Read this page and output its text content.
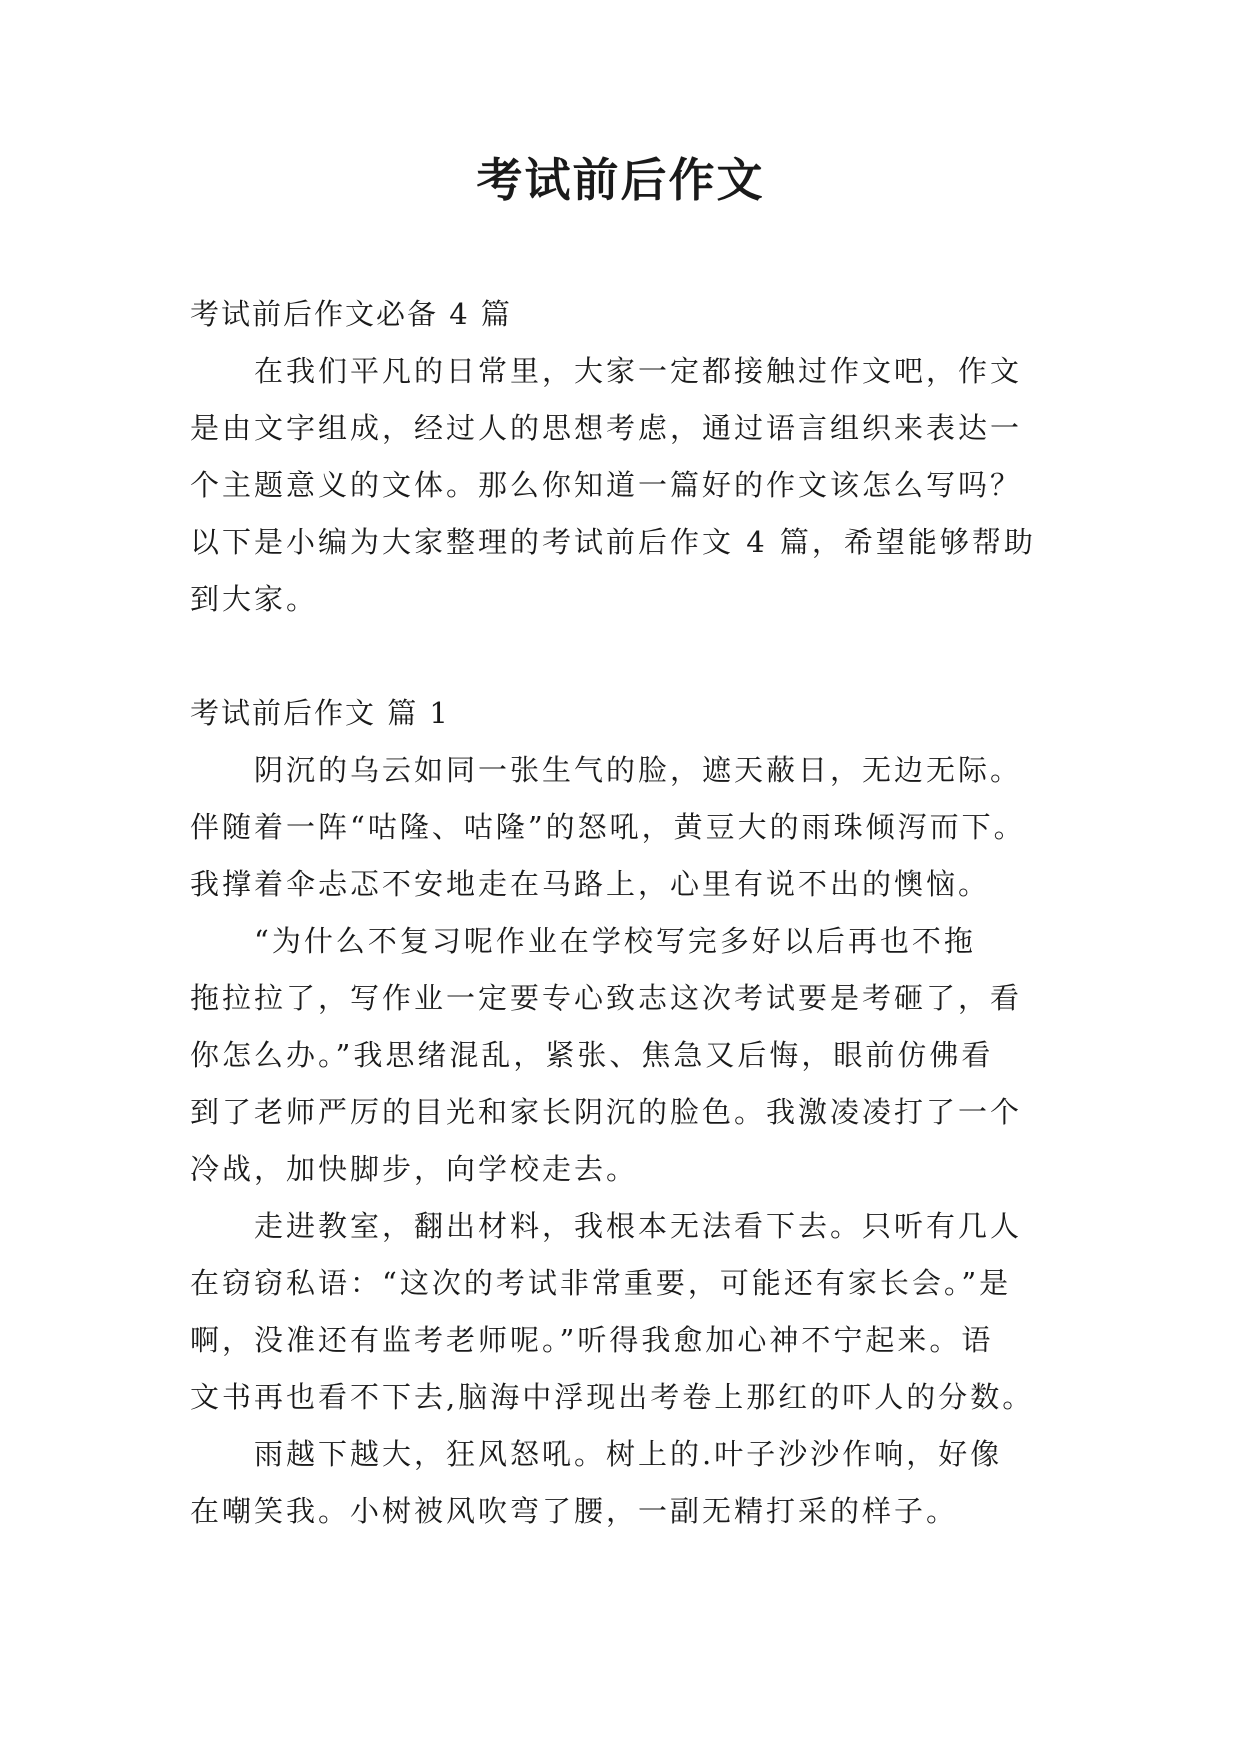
考试前后作文
考试前后作文必备 4 篇
　　在我们平凡的日常里，大家一定都接触过作文吧，作文
是由文字组成，经过人的思想考虑，通过语言组织来表达一
个主题意义的文体。那么你知道一篇好的作文该怎么写吗？
以下是小编为大家整理的考试前后作文 4 篇，希望能够帮助
到大家。
考试前后作文 篇 1
　　阴沉的乌云如同一张生气的脸，遮天蔽日，无边无际。
伴随着一阵“咕隆、咕隆”的怒吼，黄豆大的雨珠倾泻而下。
我撑着伞忐忑不安地走在马路上，心里有说不出的懊恼。
　　“为什么不复习呢作业在学校写完多好以后再也不拖
拖拉拉了，写作业一定要专心致志这次考试要是考砸了，看
你怎么办。”我思绪混乱，紧张、焦急又后悔，眼前仿佛看
到了老师严厉的目光和家长阴沉的脸色。我激凌凌打了一个
冷战，加快脚步，向学校走去。
　　走进教室，翻出材料，我根本无法看下去。只听有几人
在窃窃私语：“这次的考试非常重要，可能还有家长会。”是
啊，没准还有监考老师呢。”听得我愈加心神不宁起来。语
文书再也看不下去,脑海中浮现出考卷上那红的吓人的分数。
　　雨越下越大，狂风怒吼。树上的.叶子沙沙作响，好像
在嘲笑我。小树被风吹弯了腰，一副无精打采的样子。
